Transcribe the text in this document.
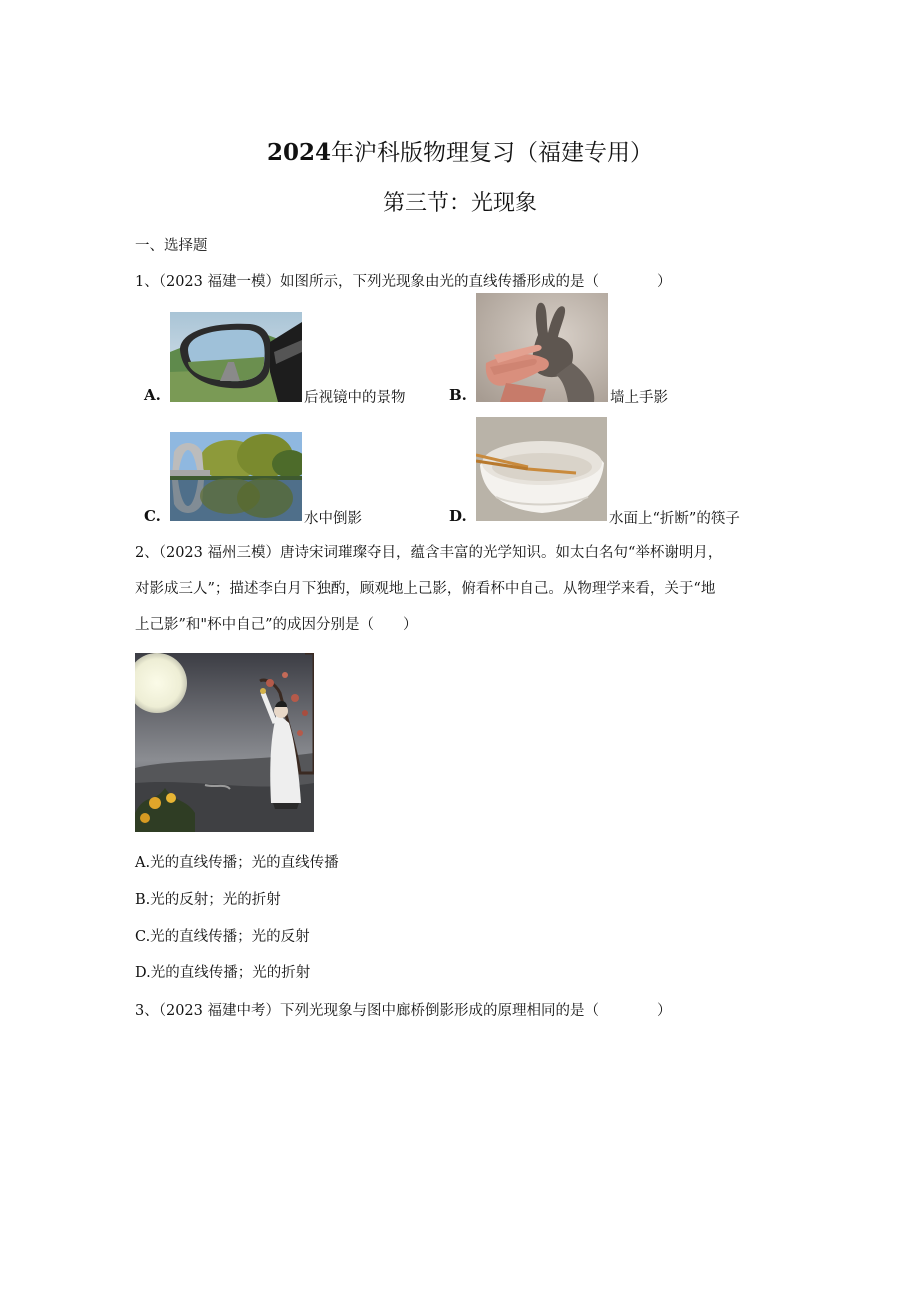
2024年沪科版物理复习（福建专用）
第三节：光现象
一、选择题
1、（2023 福建一模）如图所示，下列光现象由光的直线传播形成的是（　　　　）
A.	后视镜中的景物	B.	墙上手影
C.	水中倒影	D.	水面上“折断”的筷子
2、（2023 福州三模）唐诗宋词璀璨夺目，蕴含丰富的光学知识。如太白名句“举杯谢明月，
对影成三人”；描述李白月下独酌，顾观地上己影，俯看杯中自己。从物理学来看，关于“地
上己影”和"杯中自己”的成因分别是（　　）
A.光的直线传播；光的直线传播
B.光的反射；光的折射
C.光的直线传播；光的反射
D.光的直线传播；光的折射
3、（2023 福建中考）下列光现象与图中廊桥倒影形成的原理相同的是（　　　　）
